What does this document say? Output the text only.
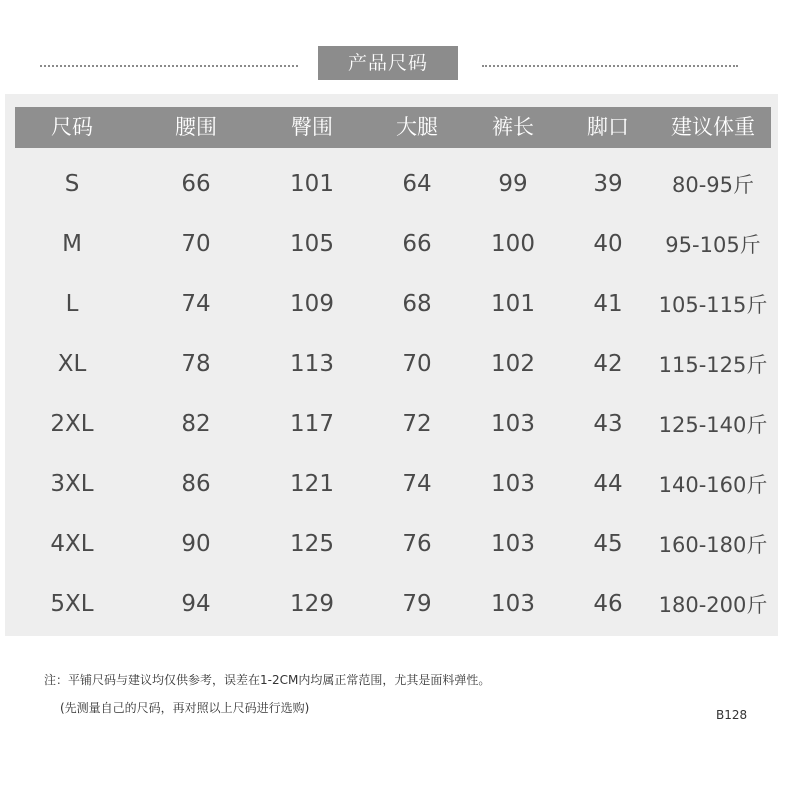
产品尺码
尺码	腰围	臀围	大腿	裤长	脚口 建议体重
S	66	101	64	99	39 80-95斤
M	70	105	66	100	40 95-105斤
L	74	109	68	101	41 105-115斤
XL	78	113	70	102	42 115-125斤
2XL	82	117	72	103	43 125-140斤
3XL	86	121	74	103	44 140-160斤
4XL	90	125	76	103	45 160-180斤
5XL	94	129	79	103	46 180-200斤
注：平铺尺码与建议均仅供参考，误差在1-2CM内均属正常范围，尤其是面料弹性。
(先测量自己的尺码，再对照以上尺码进行选购)	B128
